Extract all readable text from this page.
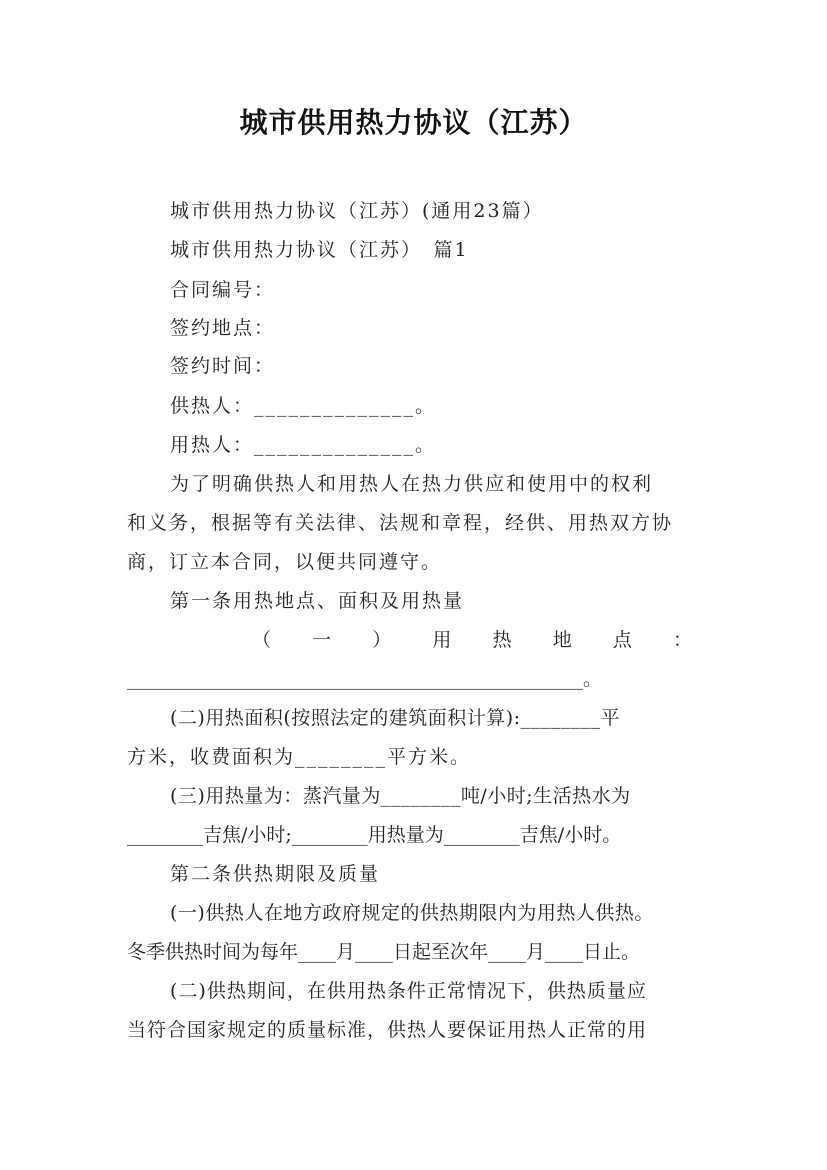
城市供用热力协议（江苏）

城市供用热力协议（江苏）(通用23篇）

城市供用热力协议（江苏）　篇1

合同编号：

签约地点：

签约时间：

供热人：______________。

用热人：______________。

为了明确供热人和用热人在热力供应和使用中的权利

和义务，根据等有关法律、法规和章程，经供、用热双方协

商，订立本合同，以便共同遵守。

第一条用热地点、面积及用热量

（ 一 ） 用 热 地 点 ：

________________________________________________。

(二)用热面积(按照法定的建筑面积计算):________平

方米，收费面积为________平方米。

(三)用热量为：蒸汽量为________吨/小时;生活热水为

________吉焦/小时;________用热量为________吉焦/小时。

第二条供热期限及质量

(一)供热人在地方政府规定的供热期限内为用热人供热。

冬季供热时间为每年____月____日起至次年____月____日止。

(二)供热期间，在供用热条件正常情况下，供热质量应

当符合国家规定的质量标准，供热人要保证用热人正常的用
